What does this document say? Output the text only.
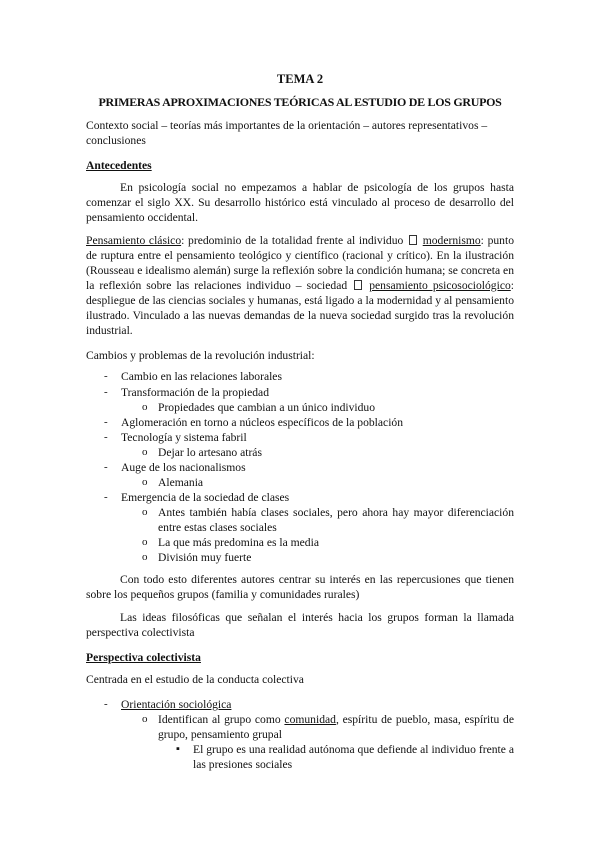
TEMA 2
PRIMERAS APROXIMACIONES TEÓRICAS AL ESTUDIO DE LOS GRUPOS
Contexto social – teorías más importantes de la orientación – autores representativos – conclusiones
Antecedentes
En psicología social no empezamos a hablar de psicología de los grupos hasta comenzar el siglo XX. Su desarrollo histórico está vinculado al proceso de desarrollo del pensamiento occidental.
Pensamiento clásico: predominio de la totalidad frente al individuo modernismo: punto de ruptura entre el pensamiento teológico y científico (racional y crítico). En la ilustración (Rousseau e idealismo alemán) surge la reflexión sobre la condición humana; se concreta en la reflexión sobre las relaciones individuo – sociedad pensamiento psicosociológico: despliegue de las ciencias sociales y humanas, está ligado a la modernidad y al pensamiento ilustrado. Vinculado a las nuevas demandas de la nueva sociedad surgido tras la revolución industrial.
Cambios y problemas de la revolución industrial:
- Cambio en las relaciones laborales
- Transformación de la propiedad
o Propiedades que cambian a un único individuo
- Aglomeración en torno a núcleos específicos de la población
- Tecnología y sistema fabril
o Dejar lo artesano atrás
- Auge de los nacionalismos
o Alemania
- Emergencia de la sociedad de clases
o Antes también había clases sociales, pero ahora hay mayor diferenciación entre estas clases sociales
o La que más predomina es la media
o División muy fuerte
Con todo esto diferentes autores centrar su interés en las repercusiones que tienen sobre los pequeños grupos (familia y comunidades rurales)
Las ideas filosóficas que señalan el interés hacia los grupos forman la llamada perspectiva colectivista
Perspectiva colectivista
Centrada en el estudio de la conducta colectiva
- Orientación sociológica
o Identifican al grupo como comunidad, espíritu de pueblo, masa, espíritu de grupo, pensamiento grupal
▪ El grupo es una realidad autónoma que defiende al individuo frente a las presiones sociales
